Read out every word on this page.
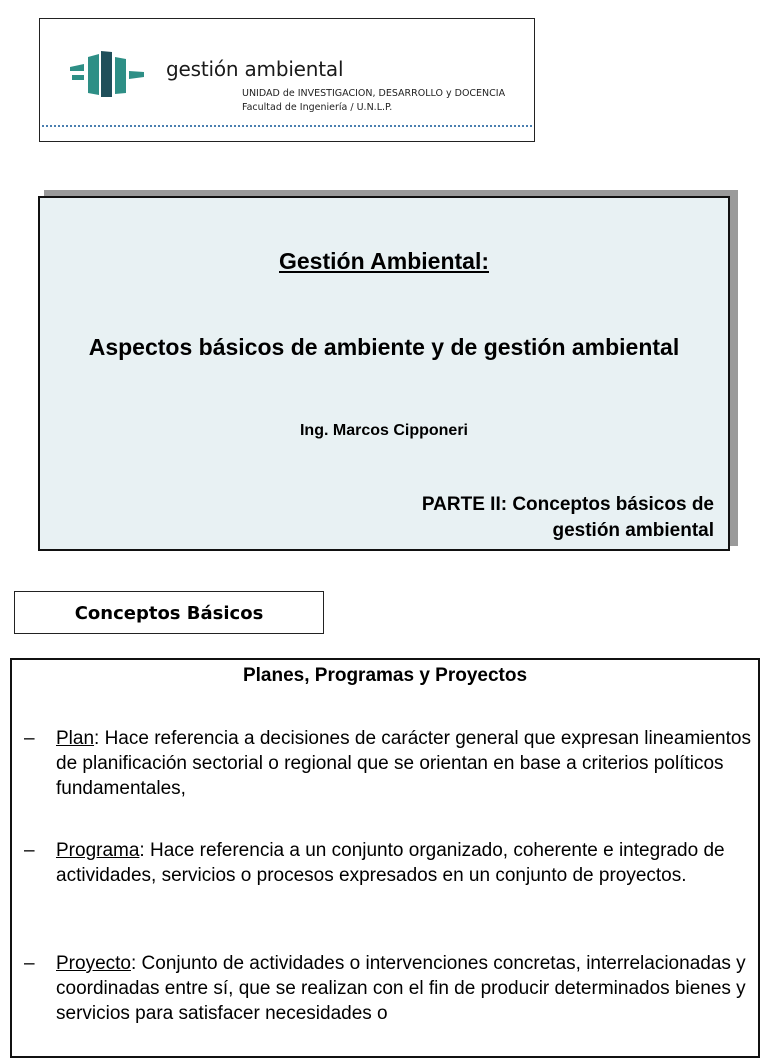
gestión ambiental
UNIDAD de INVESTIGACION, DESARROLLO y DOCENCIA
Facultad de Ingeniería / U.N.L.P.
Gestión Ambiental:
Aspectos básicos de ambiente y de gestión ambiental
Ing. Marcos Cipponeri
PARTE II: Conceptos básicos de
gestión ambiental
Conceptos Básicos
Planes, Programas y Proyectos
–	Plan: Hace referencia a decisiones de carácter general que expresan lineamientos de planificación sectorial o regional que se orientan en base a criterios políticos fundamentales,
–	Programa: Hace referencia a un conjunto organizado, coherente e integrado de actividades, servicios o procesos expresados en un conjunto de proyectos.
–	Proyecto: Conjunto de actividades o intervenciones concretas, interrelacionadas y coordinadas entre sí, que se realizan con el fin de producir determinados bienes y servicios para satisfacer necesidades o
